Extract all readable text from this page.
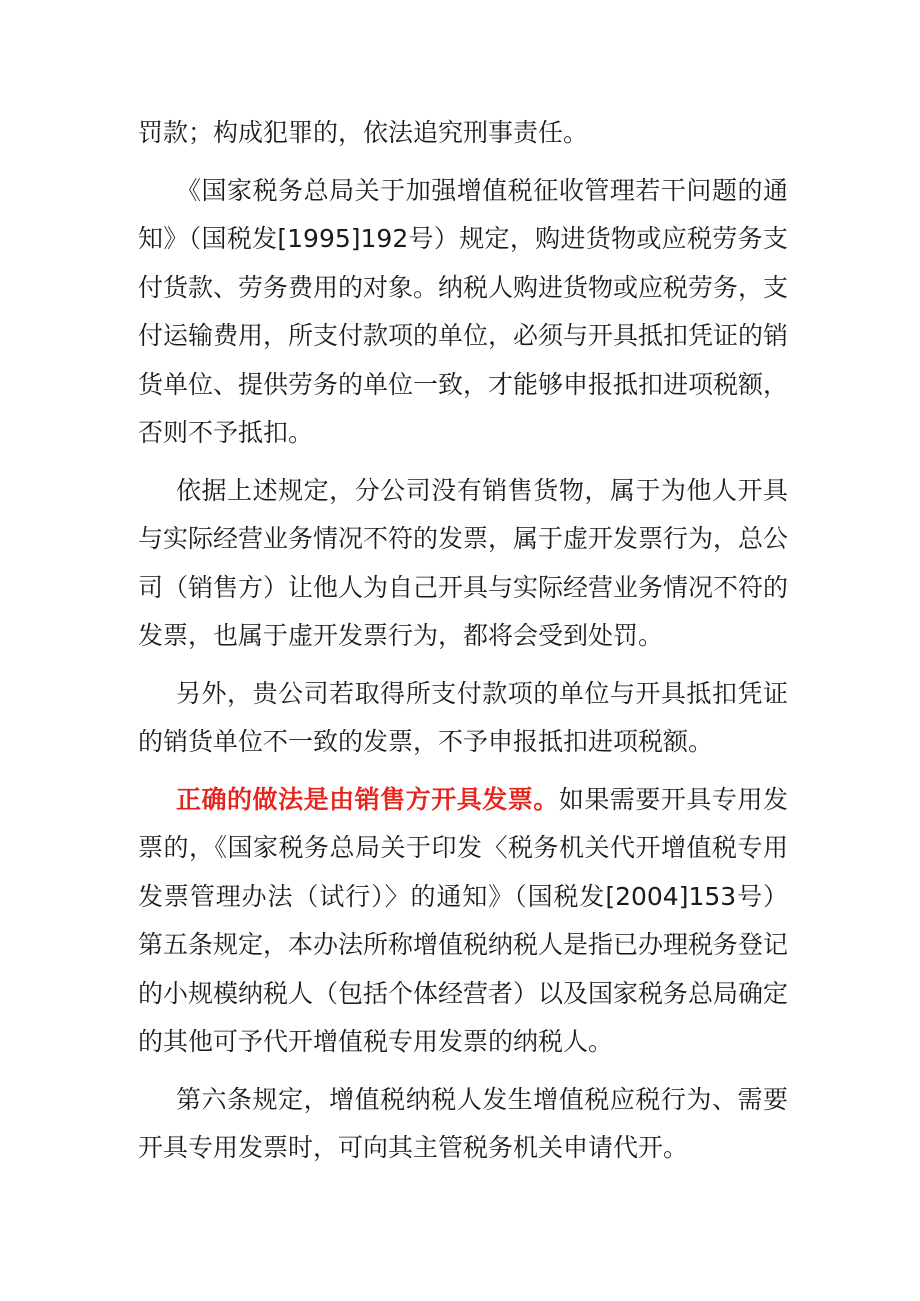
罚款；构成犯罪的，依法追究刑事责任。

《国家税务总局关于加强增值税征收管理若干问题的通知》（国税发[1995]192号）规定，购进货物或应税劳务支付货款、劳务费用的对象。纳税人购进货物或应税劳务，支付运输费用，所支付款项的单位，必须与开具抵扣凭证的销货单位、提供劳务的单位一致，才能够申报抵扣进项税额，否则不予抵扣。

依据上述规定，分公司没有销售货物，属于为他人开具与实际经营业务情况不符的发票，属于虚开发票行为，总公司（销售方）让他人为自己开具与实际经营业务情况不符的发票，也属于虚开发票行为，都将会受到处罚。

另外，贵公司若取得所支付款项的单位与开具抵扣凭证的销货单位不一致的发票，不予申报抵扣进项税额。

正确的做法是由销售方开具发票。如果需要开具专用发票的，《国家税务总局关于印发〈税务机关代开增值税专用发票管理办法（试行）〉的通知》（国税发[2004]153号）第五条规定，本办法所称增值税纳税人是指已办理税务登记的小规模纳税人（包括个体经营者）以及国家税务总局确定的其他可予代开增值税专用发票的纳税人。

第六条规定，增值税纳税人发生增值税应税行为、需要开具专用发票时，可向其主管税务机关申请代开。
